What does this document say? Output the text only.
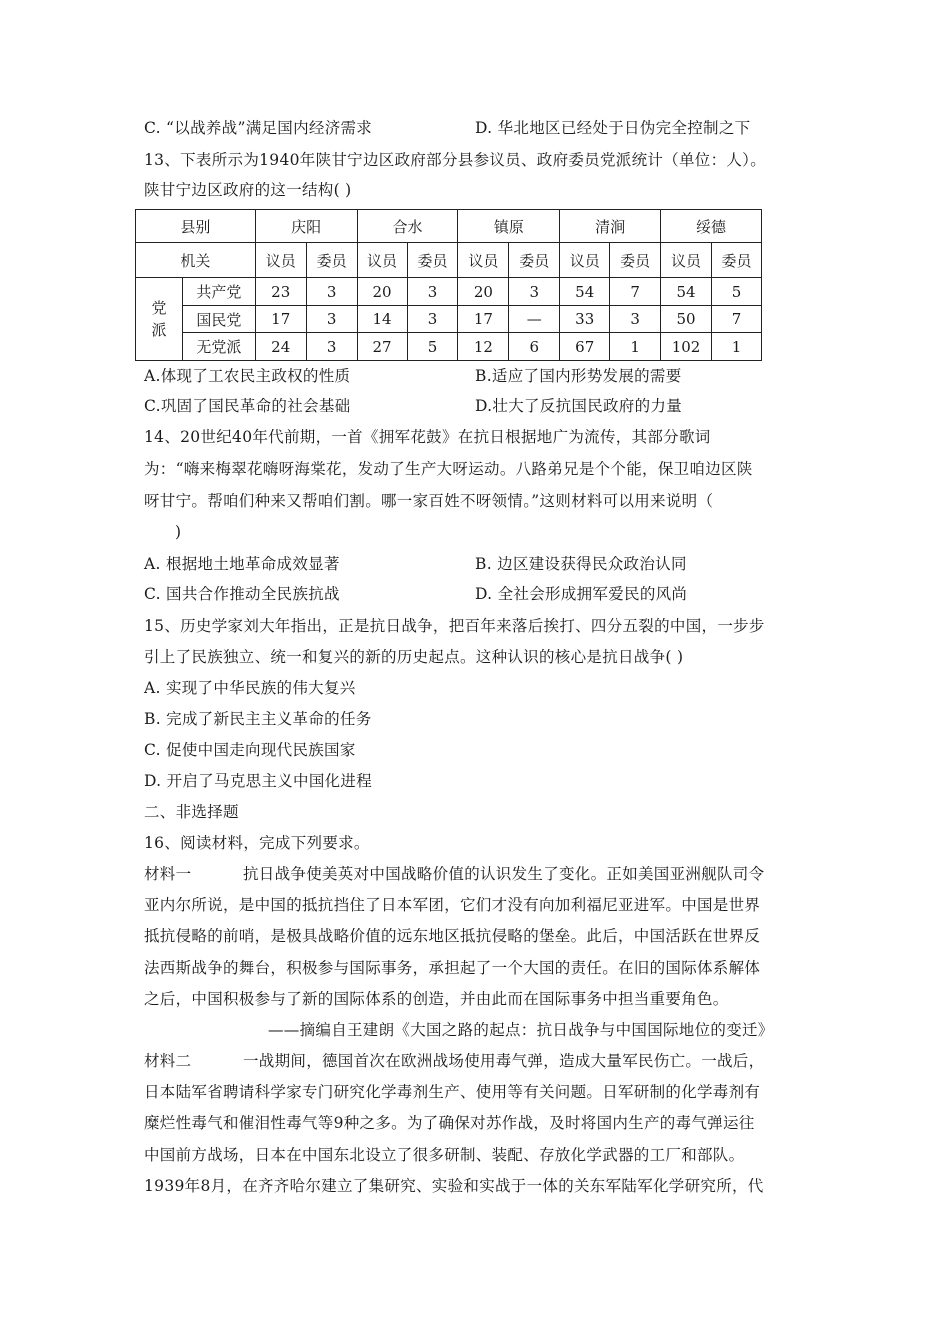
C. “以战养战”满足国内经济需求	D. 华北地区已经处于日伪完全控制之下
13、下表所示为1940年陕甘宁边区政府部分县参议员、政府委员党派统计（单位：人）。
陕甘宁边区政府的这一结构( )
县别		庆阳		合水		镇原		清涧		绥德	
机关		议员	委员	议员	委员	议员	委员	议员	委员	议员	委员
党
派	共产党	23	3	20	3	20	3	54	7	54	5
	国民党	17	3	14	3	17	—	33	3	50	7
	无党派	24	3	27	5	12	6	67	1	102	1
A.体现了工农民主政权的性质	B.适应了国内形势发展的需要
C.巩固了国民革命的社会基础	D.壮大了反抗国民政府的力量
14、20世纪40年代前期，一首《拥军花鼓》在抗日根据地广为流传，其部分歌词
为：“嗨来梅翠花嗨呀海棠花，发动了生产大呀运动。八路弟兄是个个能，保卫咱边区陕
呀甘宁。帮咱们种来又帮咱们割。哪一家百姓不呀领情。”这则材料可以用来说明（
)
A. 根据地土地革命成效显著	B. 边区建设获得民众政治认同
C. 国共合作推动全民族抗战	D. 全社会形成拥军爱民的风尚
15、历史学家刘大年指出，正是抗日战争，把百年来落后挨打、四分五裂的中国，一步步
引上了民族独立、统一和复兴的新的历史起点。这种认识的核心是抗日战争( )
A. 实现了中华民族的伟大复兴
B. 完成了新民主主义革命的任务
C. 促使中国走向现代民族国家
D. 开启了马克思主义中国化进程
二、非选择题
16、阅读材料，完成下列要求。
材料一	抗日战争使美英对中国战略价值的认识发生了变化。正如美国亚洲舰队司令
亚内尔所说，是中国的抵抗挡住了日本军团，它们才没有向加利福尼亚进军。中国是世界
抵抗侵略的前哨，是极具战略价值的远东地区抵抗侵略的堡垒。此后，中国活跃在世界反
法西斯战争的舞台，积极参与国际事务，承担起了一个大国的责任。在旧的国际体系解体
之后，中国积极参与了新的国际体系的创造，并由此而在国际事务中担当重要角色。
——摘编自王建朗《大国之路的起点：抗日战争与中国国际地位的变迁》
材料二	一战期间，德国首次在欧洲战场使用毒气弹，造成大量军民伤亡。一战后，
日本陆军省聘请科学家专门研究化学毒剂生产、使用等有关问题。日军研制的化学毒剂有
糜烂性毒气和催泪性毒气等9种之多。为了确保对苏作战，及时将国内生产的毒气弹运往
中国前方战场，日本在中国东北设立了很多研制、装配、存放化学武器的工厂和部队。
1939年8月，在齐齐哈尔建立了集研究、实验和实战于一体的关东军陆军化学研究所，代
